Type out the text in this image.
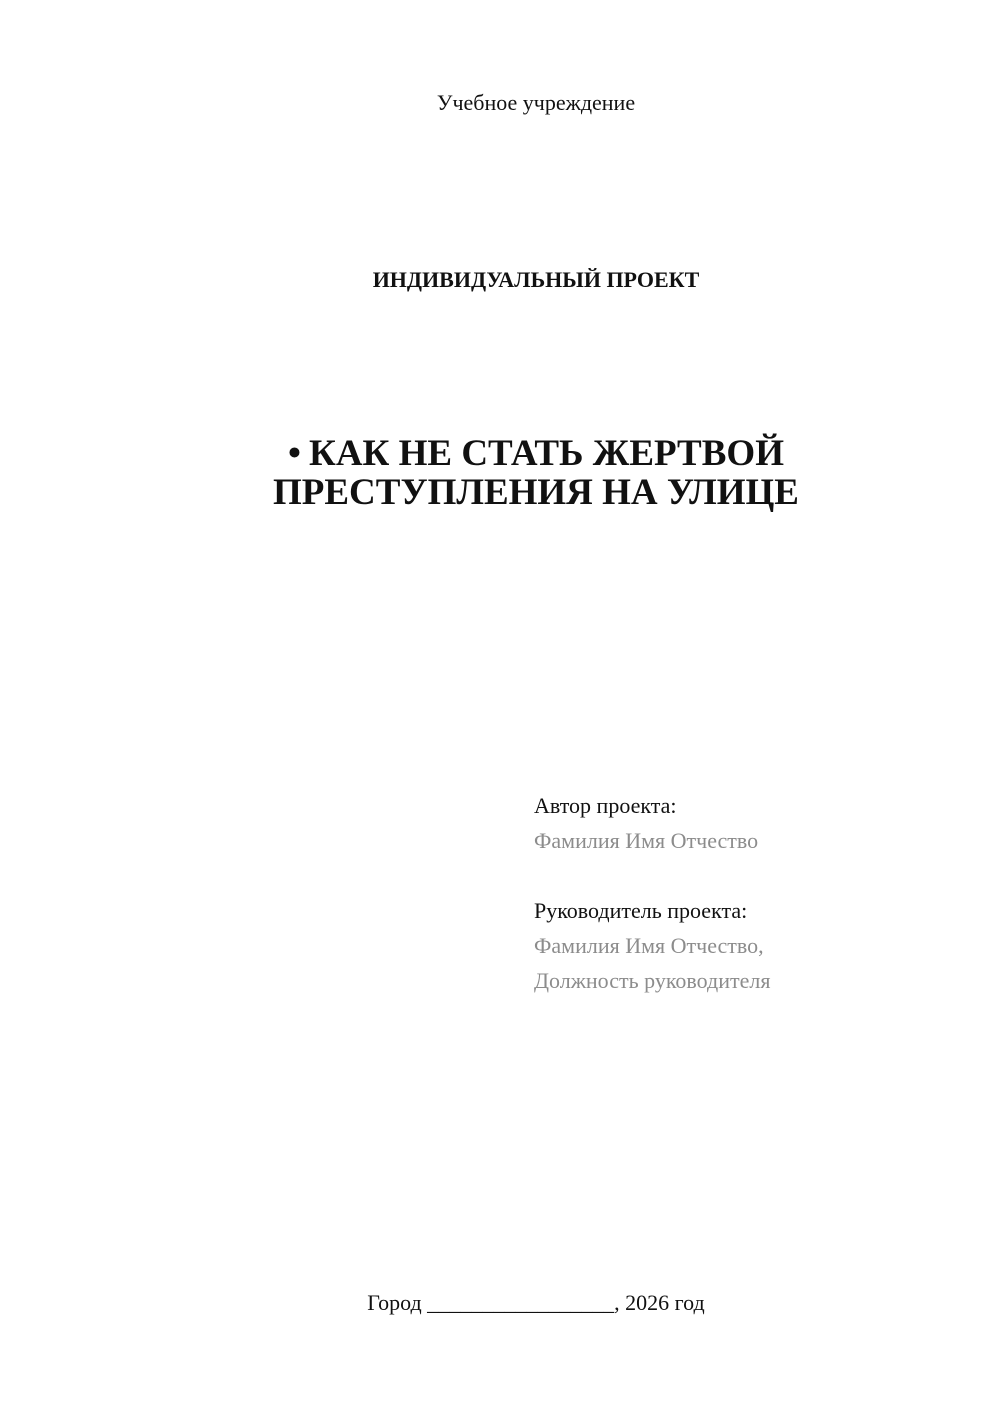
Учебное учреждение
ИНДИВИДУАЛЬНЫЙ ПРОЕКТ
• КАК НЕ СТАТЬ ЖЕРТВОЙ
ПРЕСТУПЛЕНИЯ НА УЛИЦЕ
Автор проекта:
Фамилия Имя Отчество
Руководитель проекта:
Фамилия Имя Отчество,
Должность руководителя
Город _________________, 2026 год
